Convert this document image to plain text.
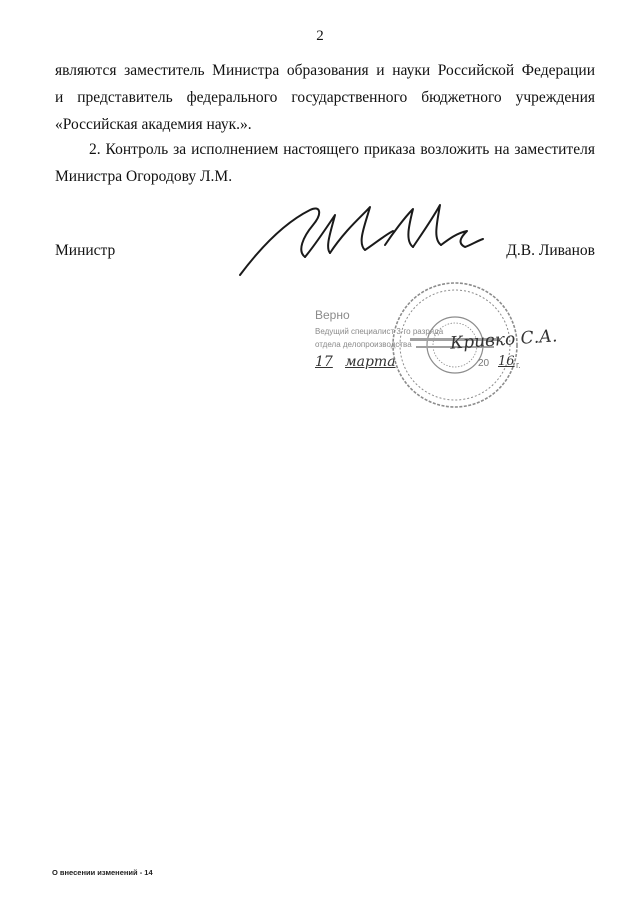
2
являются заместитель Министра образования и науки Российской Федерации
и представитель федерального государственного бюджетного учреждения
«Российская академия наук.».
2. Контроль за исполнением настоящего приказа возложить на заместителя
Министра Огородову Л.М.
Министр	Д.В. Ливанов
Верно
Ведущий специалист 3-го разряда
отдела делопроизводства Кривко С.А.
17 марта	20 16 г.
О внесении изменений - 14
